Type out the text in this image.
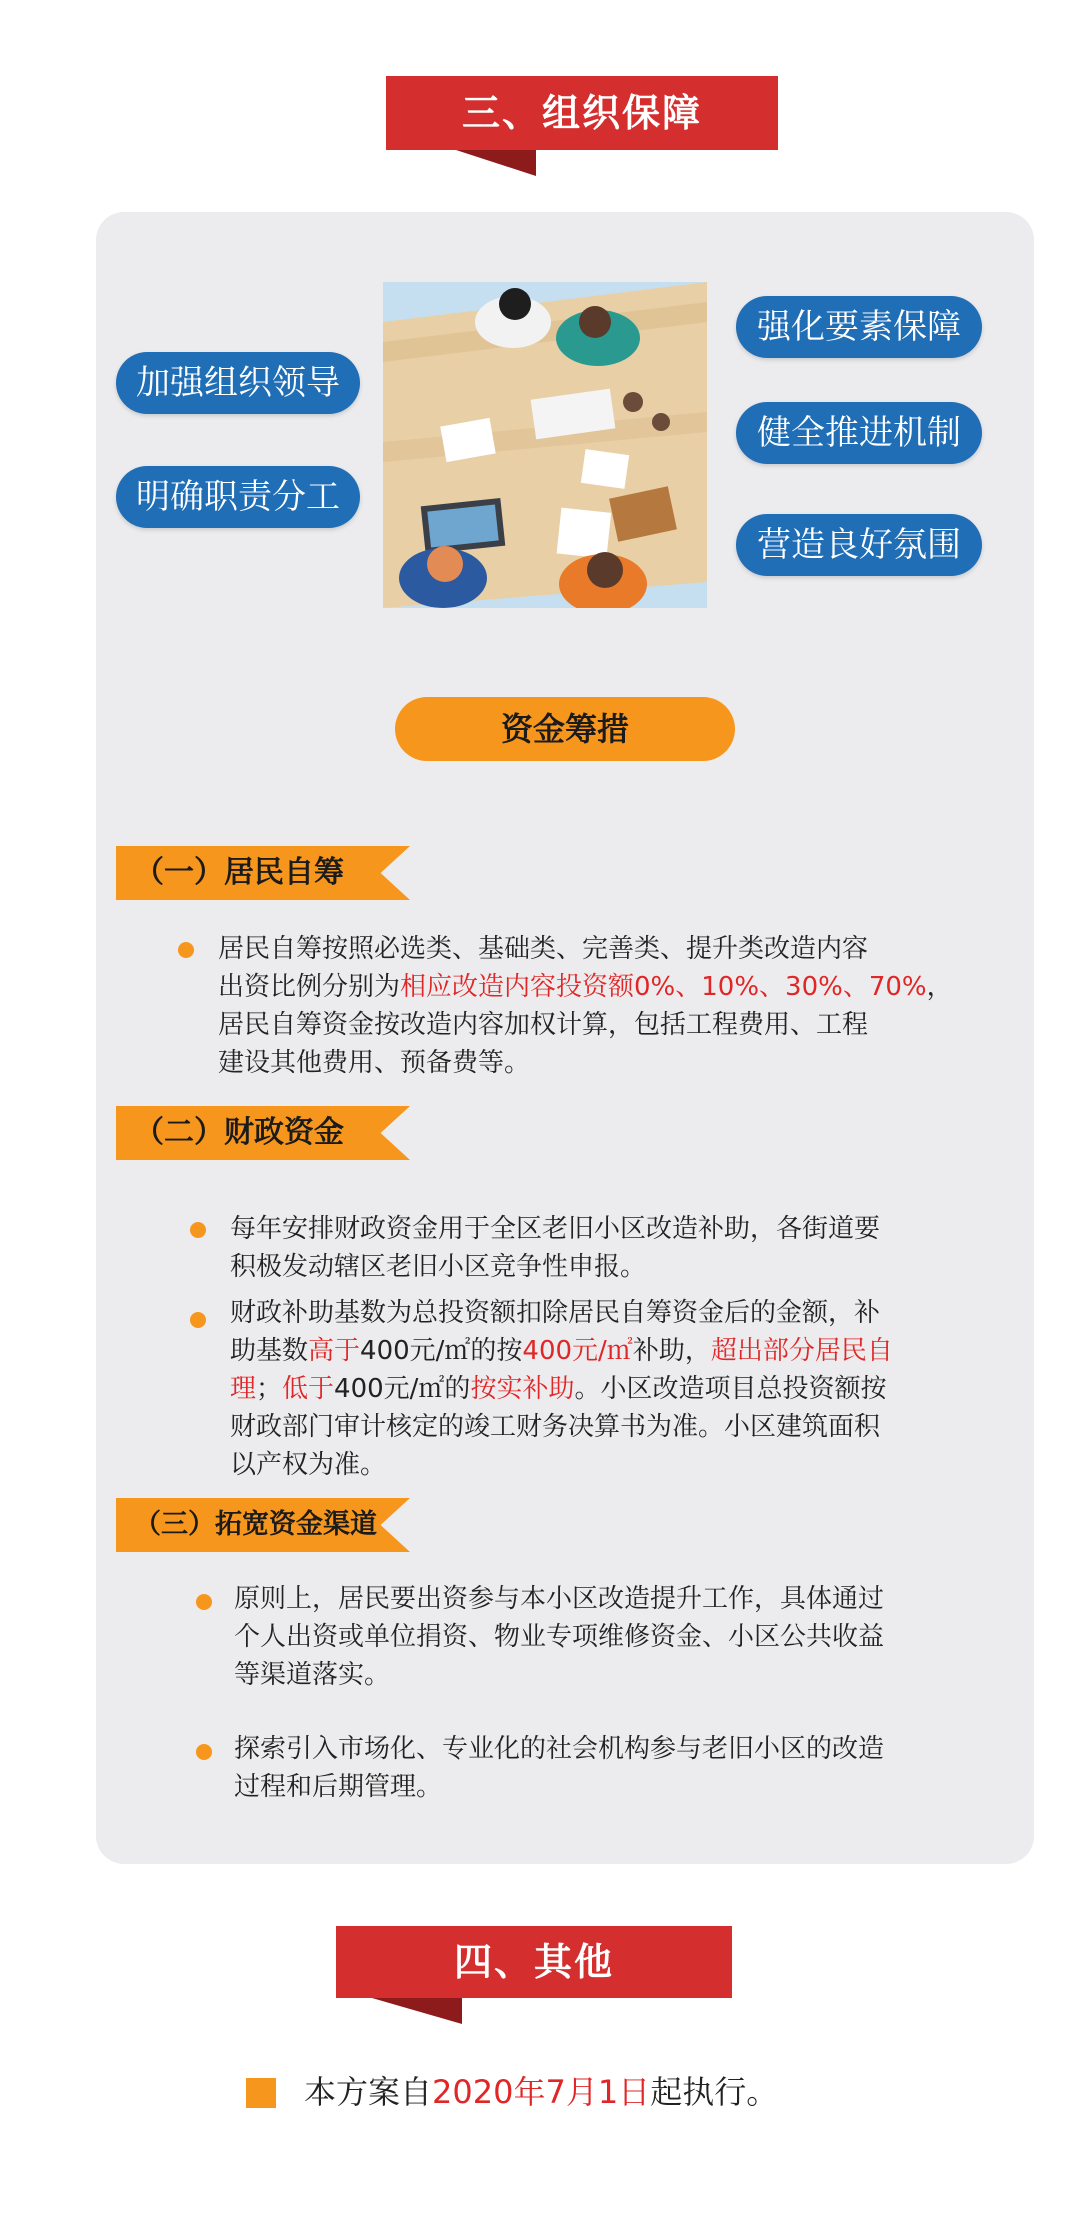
三、组织保障
加强组织领导
明确职责分工
强化要素保障
健全推进机制
营造良好氛围
资金筹措
（一）居民自筹
居民自筹按照必选类、基础类、完善类、提升类改造内容
出资比例分别为相应改造内容投资额0%、10%、30%、70%，
居民自筹资金按改造内容加权计算，包括工程费用、工程
建设其他费用、预备费等。
（二）财政资金
每年安排财政资金用于全区老旧小区改造补助，各街道要
积极发动辖区老旧小区竞争性申报。
财政补助基数为总投资额扣除居民自筹资金后的金额，补
助基数高于400元/㎡的按400元/㎡补助，超出部分居民自
理；低于400元/㎡的按实补助。小区改造项目总投资额按
财政部门审计核定的竣工财务决算书为准。小区建筑面积
以产权为准。
（三）拓宽资金渠道
原则上，居民要出资参与本小区改造提升工作，具体通过
个人出资或单位捐资、物业专项维修资金、小区公共收益
等渠道落实。
探索引入市场化、专业化的社会机构参与老旧小区的改造
过程和后期管理。
四、其他
本方案自2020年7月1日起执行。
